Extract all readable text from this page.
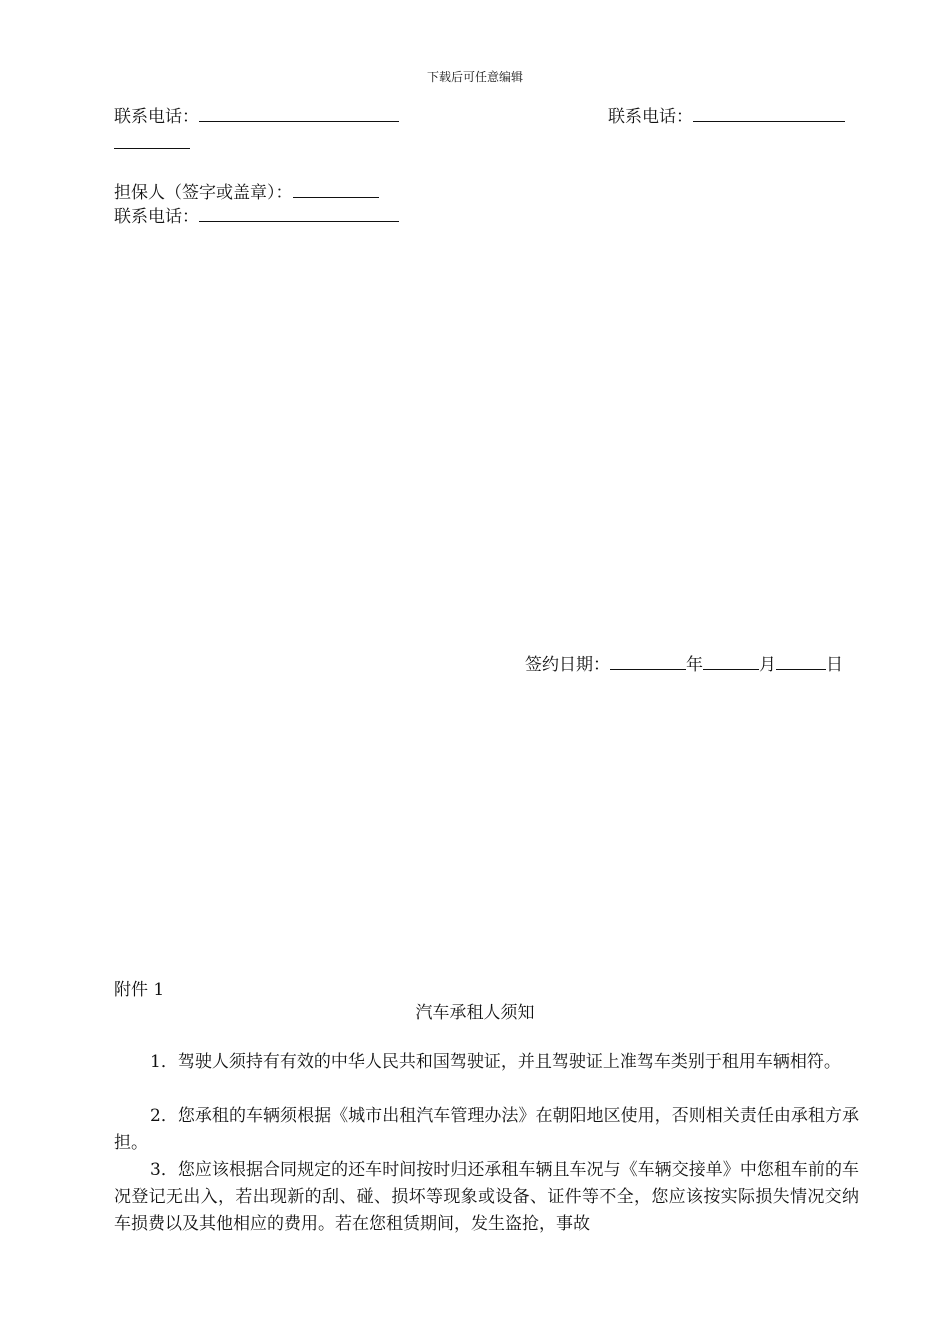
下载后可任意编辑
联系电话：	联系电话：
担保人（签字或盖章）：
联系电话：
签约日期：	年	月	日
附件 1
汽车承租人须知
1．驾驶人须持有有效的中华人民共和国驾驶证，并且驾驶证上准驾车类别于租用车辆相符。
2．您承租的车辆须根据《城市出租汽车管理办法》在朝阳地区使用，否则相关责任由承租方承担。
3．您应该根据合同规定的还车时间按时归还承租车辆且车况与《车辆交接单》中您租车前的车况登记无出入，若出现新的刮、碰、损坏等现象或设备、证件等不全，您应该按实际损失情况交纳车损费以及其他相应的费用。若在您租赁期间，发生盗抢，事故
